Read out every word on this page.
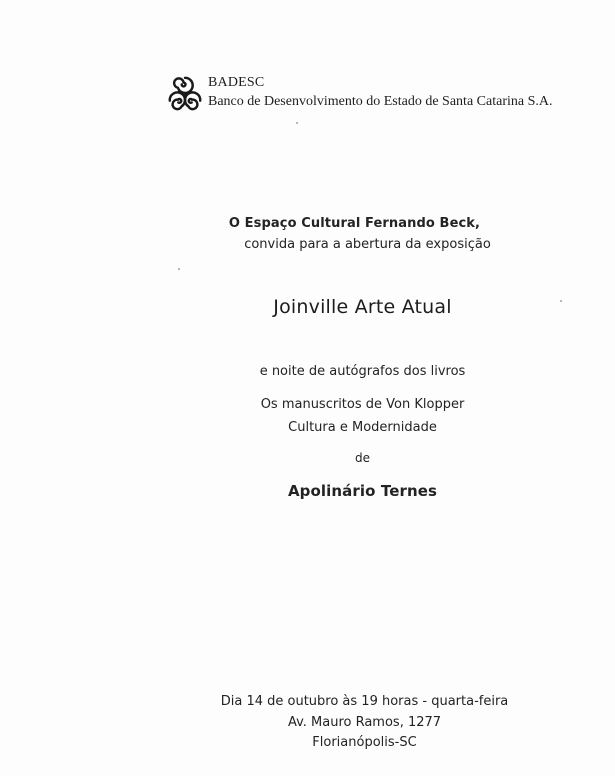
BADESC
Banco de Desenvolvimento do Estado de Santa Catarina S.A.
O Espaço Cultural Fernando Beck,
convida para a abertura da exposição
Joinville Arte Atual
e noite de autógrafos dos livros
Os manuscritos de Von Klopper
Cultura e Modernidade
de
Apolinário Ternes
Dia 14 de outubro às 19 horas - quarta-feira
Av. Mauro Ramos, 1277
Florianópolis-SC
